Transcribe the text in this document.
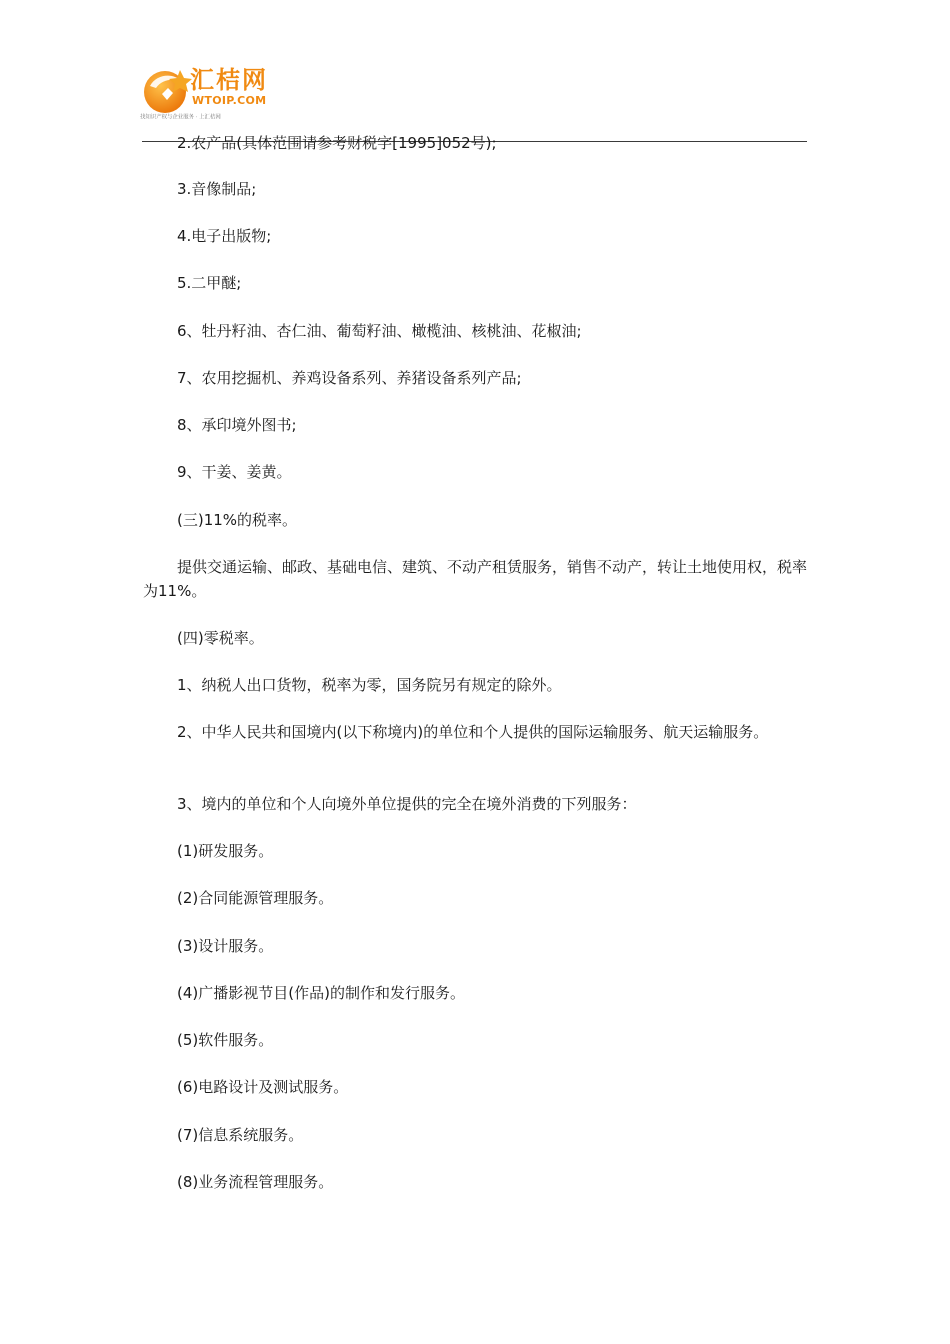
汇桔网
WTOIP.COM
找知识产权与企业服务 · 上汇桔网

2.农产品(具体范围请参考财税字[1995]052号);

3.音像制品;

4.电子出版物;

5.二甲醚;

6、牡丹籽油、杏仁油、葡萄籽油、橄榄油、核桃油、花椒油;

7、农用挖掘机、养鸡设备系列、养猪设备系列产品;

8、承印境外图书;

9、干姜、姜黄。

(三)11%的税率。

提供交通运输、邮政、基础电信、建筑、不动产租赁服务，销售不动产，转让土地使用权，税率为11%。

(四)零税率。

1、纳税人出口货物，税率为零，国务院另有规定的除外。

2、中华人民共和国境内(以下称境内)的单位和个人提供的国际运输服务、航天运输服务。

3、境内的单位和个人向境外单位提供的完全在境外消费的下列服务：

(1)研发服务。

(2)合同能源管理服务。

(3)设计服务。

(4)广播影视节目(作品)的制作和发行服务。

(5)软件服务。

(6)电路设计及测试服务。

(7)信息系统服务。

(8)业务流程管理服务。
